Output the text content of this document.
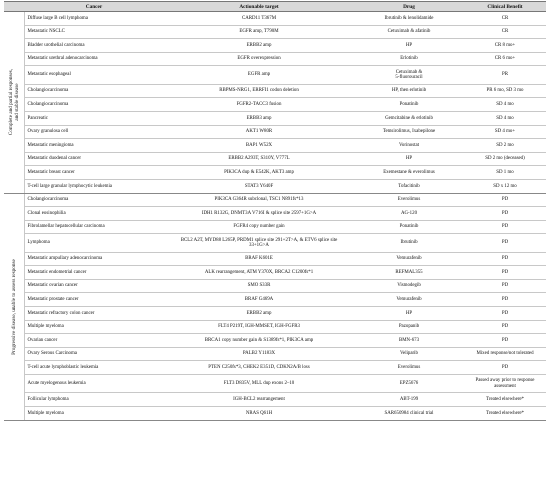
	Cancer	Actionable target	Drug	Clinical Benefit

Complete and partial responses,
and stable disease	Diffuse large B cell lymphoma	CARD11 T367M	Ibrutinib & lenolidamide	CR
	Metastatic NSCLC	EGFR amp, T790M	Cetuximab & afatinib	CR
	Bladder urothelial carcinoma	ERBB2 amp	HP	CR 8 mo+
	Metastatic urethral adenocarcinoma	EGFR overexpression	Erlotinib	CR 6 mo+
	Metastatic esophageal	EGFR amp	Cetuximab &
5-fluorouracil	PR
	Cholangiocarcinoma	RBPMS-NRG1, ERRFI1 codon deletion	HP, then erlotinib	PR 6 mo, SD 3 mo
	Cholangiocarcinoma	FGFR2-TACC3 fusion	Ponatinib	SD 4 mo
	Pancreatic	ERBB3 amp	Gemcitabine & erlotinib	SD 4 mo
	Ovary granulosa cell	AKT1 W80R	Temsirolimus, Ixabepilone	SD 4 mo+
	Metastatic meningioma	BAP1 W52X	Vorinostat	SD 2 mo
	Metastatic duodenal cancer	ERBB2 A293T, S310Y, V777L	HP	SD 2 mo (deceased)
	Metastatic breast cancer	PIK3CA dup & E542K, AKT3 amp	Exemestane & everolimus	SD 1 mo
	T-cell large granular lymphocytic leukemia	STAT3 Y640F	Tofacitinib	SD x 12 mo

Progressive disease, unable to assess response	Cholangiocarcinoma	PIK3CA G364R subclonal, TSC1 N891fs*13	Everolimus	PD
	Clonal eosinophilia	IDH1 R132G, DNMT3A V716I & splice site 2597+1G>A	AG-120	PD
	Fibrolamellar hepatocellular carcinoma	FGFR4 copy number gain	Ponatinib	PD
	Lymphoma	BCL2 A2T, MYD88 L265P, PRDM1 splice site 291+2T>A, & ETV6 splice site
33+1G>A	Ibrutinib	PD
	Metastatic ampullary adenocarcinoma	BRAF K601E	Vemurafenib	PD
	Metastatic endometrial cancer	ALK rearrangement, ATM Y370X, BRCA2 C1200fs*1	REFMAL355	PD
	Metastatic ovarian cancer	SMO S33R	Vismodegib	PD
	Metastatic prostate cancer	BRAF G469A	Vemurafenib	PD
	Metastatic refractory colon cancer	ERBB2 amp	HP	PD
	Multiple myeloma	FLT4 P219T, IGH-MMSET, IGH-FGFR3	Pazopanib	PD
	Ovarian cancer	BRCA1 copy number gain & S1389fs*1, PIK3CA amp	BMN-673	PD
	Ovary Serous Carcinoma	PALB2 Y1183X	Veliparib	Mixed response/not tolerated
	T-cell acute lymphoblastic leukemia	PTEN C250fs*3, CHEK2 E351D, CDKN2A/B loss	Everolimus	PD
	Acute myelogenous leukemia	FLT3 D835V, MLL dup exons 2–10	EPZ5676	Passed away prior to response
assessment
	Follicular lymphoma	IGH-BCL2 rearrangement	ABT-199	Treated elsewhere*
	Multiple myeloma	NRAS Q61H	SAR650984 clinical trial	Treated elsewhere*
